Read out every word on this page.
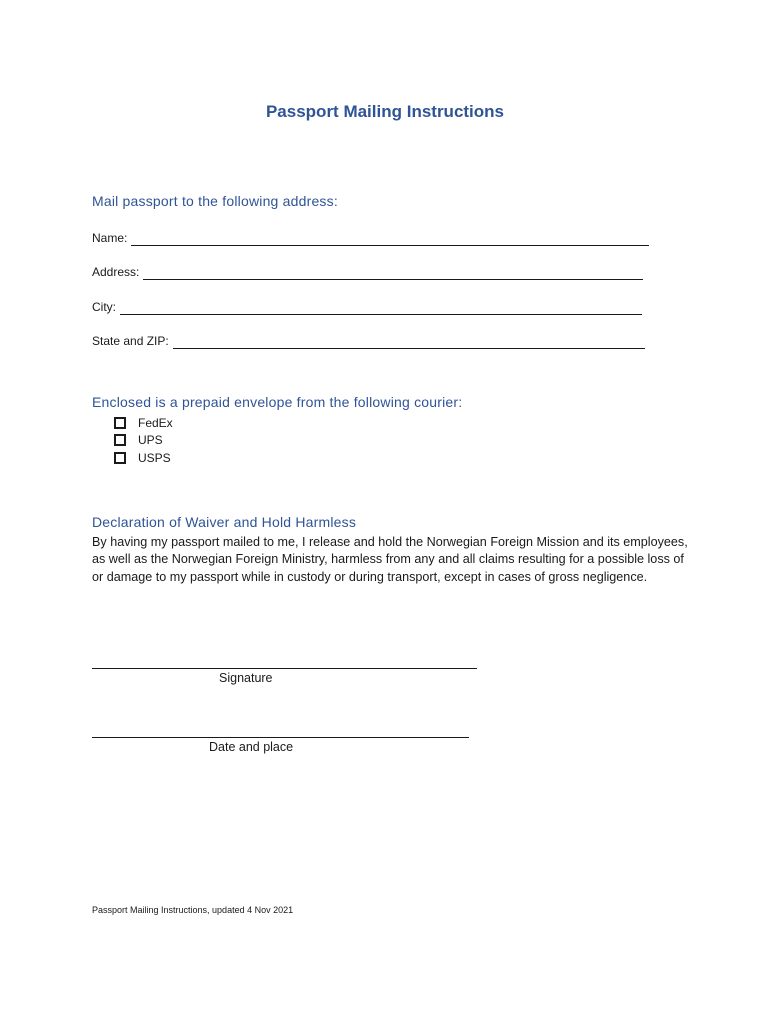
Passport Mailing Instructions
Mail passport to the following address:
Name:
Address:
City:
State and ZIP:
Enclosed is a prepaid envelope from the following courier:
FedEx
UPS
USPS
Declaration of Waiver and Hold Harmless

By having my passport mailed to me, I release and hold the Norwegian Foreign Mission and its employees, as well as the Norwegian Foreign Ministry, harmless from any and all claims resulting for a possible loss of or damage to my passport while in custody or during transport, except in cases of gross negligence.

Signature
Date and place
Passport Mailing Instructions, updated 4 Nov 2021
